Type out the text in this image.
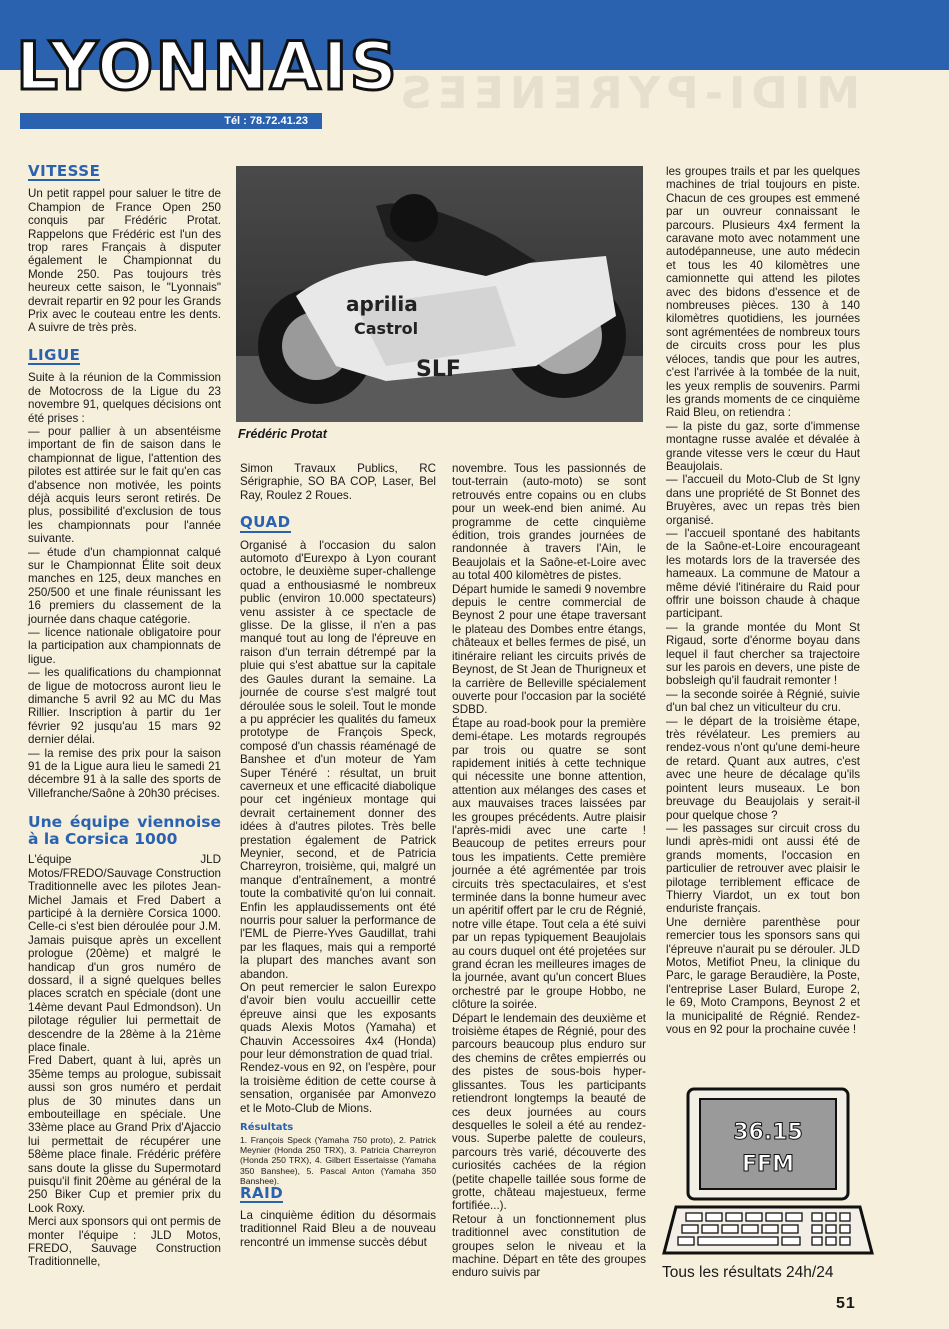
MIDI-PYRENEES
LYONNAIS
Tél : 78.72.41.23
VITESSE

Un petit rappel pour saluer le titre de Champion de France Open 250 conquis par Frédéric Protat. Rappelons que Frédéric est l'un des trop rares Français à disputer également le Championnat du Monde 250. Pas toujours très heureux cette saison, le "Lyonnais" devrait repartir en 92 pour les Grands Prix avec le couteau entre les dents. A suivre de très près.

LIGUE

Suite à la réunion de la Commission de Motocross de la Ligue du 23 novembre 91, quelques décisions ont été prises :

— pour pallier à un absentéisme important de fin de saison dans le championnat de ligue, l'attention des pilotes est attirée sur le fait qu'en cas d'absence non motivée, les points déjà acquis leurs seront retirés. De plus, possibilité d'exclusion de tous les championnats pour l'année suivante.

— étude d'un championnat calqué sur le Championnat Élite soit deux manches en 125, deux manches en 250/500 et une finale réunissant les 16 premiers du classement de la journée dans chaque catégorie.

— licence nationale obligatoire pour la participation aux championnats de ligue.

— les qualifications du championnat de ligue de motocross auront lieu le dimanche 5 avril 92 au MC du Mas Rillier. Inscription à partir du 1er février 92 jusqu'au 15 mars 92 dernier délai.

— la remise des prix pour la saison 91 de la Ligue aura lieu le samedi 21 décembre 91 à la salle des sports de Villefranche/Saône à 20h30 précises.

Une équipe viennoise à la Corsica 1000

L'équipe JLD Motos/FREDO/Sauvage Construction Traditionnelle avec les pilotes Jean-Michel Jamais et Fred Dabert a participé à la dernière Corsica 1000. Celle-ci s'est bien déroulée pour J.M. Jamais puisque après un excellent prologue (20ème) et malgré le handicap d'un gros numéro de dossard, il a signé quelques belles places scratch en spéciale (dont une 14ème devant Paul Edmondson). Un pilotage régulier lui permettait de descendre de la 28ème à la 21ème place finale.

Fred Dabert, quant à lui, après un 35ème temps au prologue, subissait aussi son gros numéro et perdait plus de 30 minutes dans un embouteillage en spéciale. Une 33ème place au Grand Prix d'Ajaccio lui permettait de récupérer une 58ème place finale. Frédéric préfère sans doute la glisse du Supermotard puisqu'il finit 20ème au général de la 250 Biker Cup et premier prix du Look Roxy.

Merci aux sponsors qui ont permis de monter l'équipe : JLD Motos, FREDO, Sauvage Construction Traditionnelle,

aprilia
Castrol
SLF
Frédéric Protat

Simon Travaux Publics, RC Sérigraphie, SO BA COP, Laser, Bel Ray, Roulez 2 Roues.

QUAD

Organisé à l'occasion du salon automoto d'Eurexpo à Lyon courant octobre, le deuxième super-challenge quad a enthousiasmé le nombreux public (environ 10.000 spectateurs) venu assister à ce spectacle de glisse. De la glisse, il n'en a pas manqué tout au long de l'épreuve en raison d'un terrain détrempé par la pluie qui s'est abattue sur la capitale des Gaules durant la semaine. La journée de course s'est malgré tout déroulée sous le soleil. Tout le monde a pu apprécier les qualités du fameux prototype de François Speck, composé d'un chassis réaménagé de Banshee et d'un moteur de Yam Super Ténéré : résultat, un bruit caverneux et une efficacité diabolique pour cet ingénieux montage qui devrait certainement donner des idées à d'autres pilotes. Très belle prestation également de Patrick Meynier, second, et de Patricia Charreyron, troisième, qui, malgré un manque d'entraînement, a montré toute la combativité qu'on lui connait. Enfin les applaudissements ont été nourris pour saluer la performance de l'EML de Pierre-Yves Gaudillat, trahi par les flaques, mais qui a remporté la plupart des manches avant son abandon.

On peut remercier le salon Eurexpo d'avoir bien voulu accueillir cette épreuve ainsi que les exposants quads Alexis Motos (Yamaha) et Chauvin Accessoires 4x4 (Honda) pour leur démonstration de quad trial.

Rendez-vous en 92, on l'espère, pour la troisième édition de cette course à sensation, organisée par Amonvezo et le Moto-Club de Mions.

Résultats

1. François Speck (Yamaha 750 proto), 2. Patrick Meynier (Honda 250 TRX), 3. Patricia Charreyron (Honda 250 TRX), 4. Gilbert Essertaisse (Yamaha 350 Banshee), 5. Pascal Anton (Yamaha 350 Banshee).

RAID

La cinquième édition du désormais traditionnel Raid Bleu a de nouveau rencontré un immense succès début

novembre. Tous les passionnés de tout-terrain (auto-moto) se sont retrouvés entre copains ou en clubs pour un week-end bien animé. Au programme de cette cinquième édition, trois grandes journées de randonnée à travers l'Ain, le Beaujolais et la Saône-et-Loire avec au total 400 kilomètres de pistes.

Départ humide le samedi 9 novembre depuis le centre commercial de Beynost 2 pour une étape traversant le plateau des Dombes entre étangs, châteaux et belles fermes de pisé, un itinéraire reliant les circuits privés de Beynost, de St Jean de Thurigneux et la carrière de Belleville spécialement ouverte pour l'occasion par la société SDBD.

Étape au road-book pour la première demi-étape. Les motards regroupés par trois ou quatre se sont rapidement initiés à cette technique qui nécessite une bonne attention, attention aux mélanges des cases et aux mauvaises traces laissées par les groupes précédents. Autre plaisir l'après-midi avec une carte ! Beaucoup de petites erreurs pour tous les impatients. Cette première journée a été agrémentée par trois circuits très spectaculaires, et s'est terminée dans la bonne humeur avec un apéritif offert par le cru de Régnié, notre ville étape. Tout cela a été suivi par un repas typiquement Beaujolais au cours duquel ont été projetées sur grand écran les meilleures images de la journée, avant qu'un concert Blues orchestré par le groupe Hobbo, ne clôture la soirée.

Départ le lendemain des deuxième et troisième étapes de Régnié, pour des parcours beaucoup plus enduro sur des chemins de crêtes empierrés ou des pistes de sous-bois hyper-glissantes. Tous les participants retiendront longtemps la beauté de ces deux journées au cours desquelles le soleil a été au rendez-vous. Superbe palette de couleurs, parcours très varié, découverte des curiosités cachées de la région (petite chapelle taillée sous forme de grotte, château majestueux, ferme fortifiée...).

Retour à un fonctionnement plus traditionnel avec constitution de groupes selon le niveau et la machine. Départ en tête des groupes enduro suivis par

les groupes trails et par les quelques machines de trial toujours en piste. Chacun de ces groupes est emmené par un ouvreur connaissant le parcours. Plusieurs 4x4 ferment la caravane moto avec notamment une autodépanneuse, une auto médecin et tous les 40 kilomètres une camionnette qui attend les pilotes avec des bidons d'essence et de nombreuses pièces. 130 à 140 kilomètres quotidiens, les journées sont agrémentées de nombreux tours de circuits cross pour les plus véloces, tandis que pour les autres, c'est l'arrivée à la tombée de la nuit, les yeux remplis de souvenirs. Parmi les grands moments de ce cinquième Raid Bleu, on retiendra :

— la piste du gaz, sorte d'immense montagne russe avalée et dévalée à grande vitesse vers le cœur du Haut Beaujolais.

— l'accueil du Moto-Club de St Igny dans une propriété de St Bonnet des Bruyères, avec un repas très bien organisé.

— l'accueil spontané des habitants de la Saône-et-Loire encourageant les motards lors de la traversée des hameaux. La commune de Matour a même dévié l'itinéraire du Raid pour offrir une boisson chaude à chaque participant.

— la grande montée du Mont St Rigaud, sorte d'énorme boyau dans lequel il faut chercher sa trajectoire sur les parois en devers, une piste de bobsleigh qu'il faudrait remonter !

— la seconde soirée à Régnié, suivie d'un bal chez un viticulteur du cru.

— le départ de la troisième étape, très révélateur. Les premiers au rendez-vous n'ont qu'une demi-heure de retard. Quant aux autres, c'est avec une heure de décalage qu'ils pointent leurs museaux. Le bon breuvage du Beaujolais y serait-il pour quelque chose ?

— les passages sur circuit cross du lundi après-midi ont aussi été de grands moments, l'occasion en particulier de retrouver avec plaisir le pilotage terriblement efficace de Thierry Viardot, un ex tout bon enduriste français.

Une dernière parenthèse pour remercier tous les sponsors sans qui l'épreuve n'aurait pu se dérouler. JLD Motos, Metifiot Pneu, la clinique du Parc, le garage Beraudière, la Poste, l'entreprise Laser Bulard, Europe 2, le 69, Moto Crampons, Beynost 2 et la municipalité de Régnié. Rendez-vous en 92 pour la prochaine cuvée !

36.15
FFM
Tous les résultats 24h/24
51
